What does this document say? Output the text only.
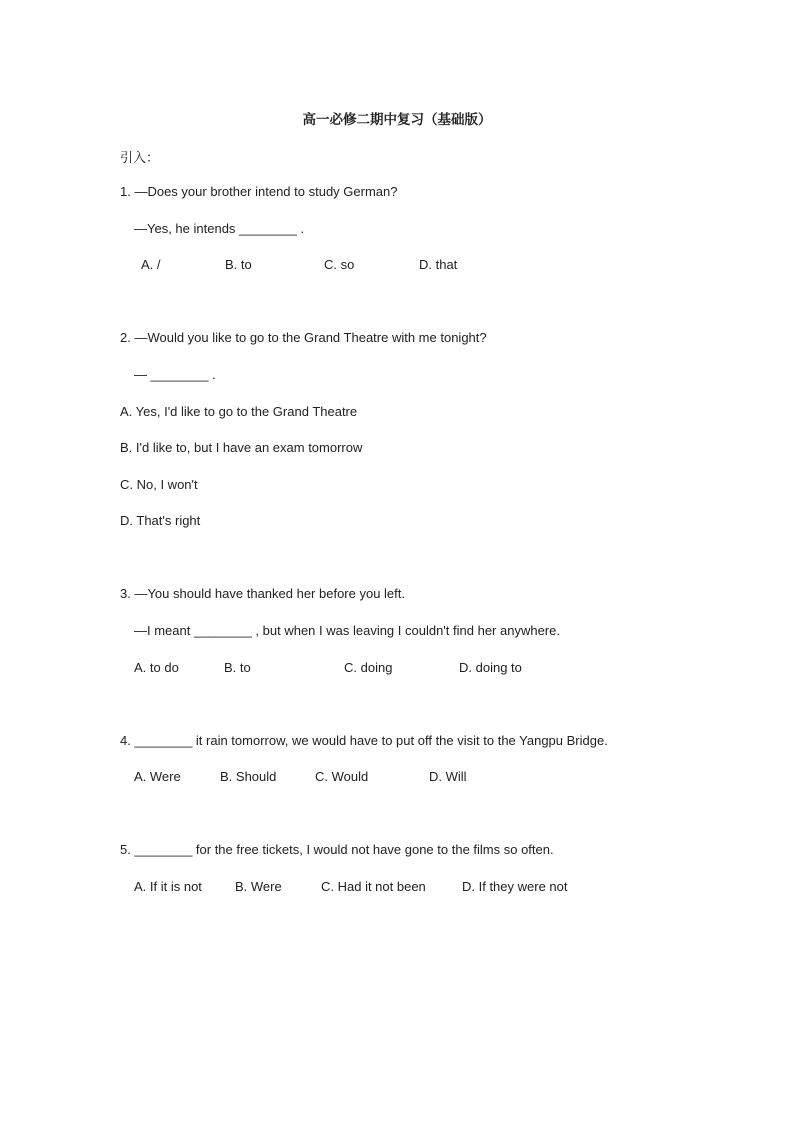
高一必修二期中复习（基础版）
引入：
1. —Does your brother intend to study German?
—Yes, he intends ________ .
A. /	B. to	C. so	D. that
2. —Would you like to go to the Grand Theatre with me tonight?
— ________ .
A. Yes, I'd like to go to the Grand Theatre
B. I'd like to, but I have an exam tomorrow
C. No, I won't
D. That's right
3. —You should have thanked her before you left.
—I meant ________ , but when I was leaving I couldn't find her anywhere.
A. to do	B. to	C. doing	D. doing to
4. ________ it rain tomorrow, we would have to put off the visit to the Yangpu Bridge.
A. Were	B. Should	C. Would	D. Will
5. ________ for the free tickets, I would not have gone to the films so often.
A. If it is not	B. Were	C. Had it not been	D. If they were not
